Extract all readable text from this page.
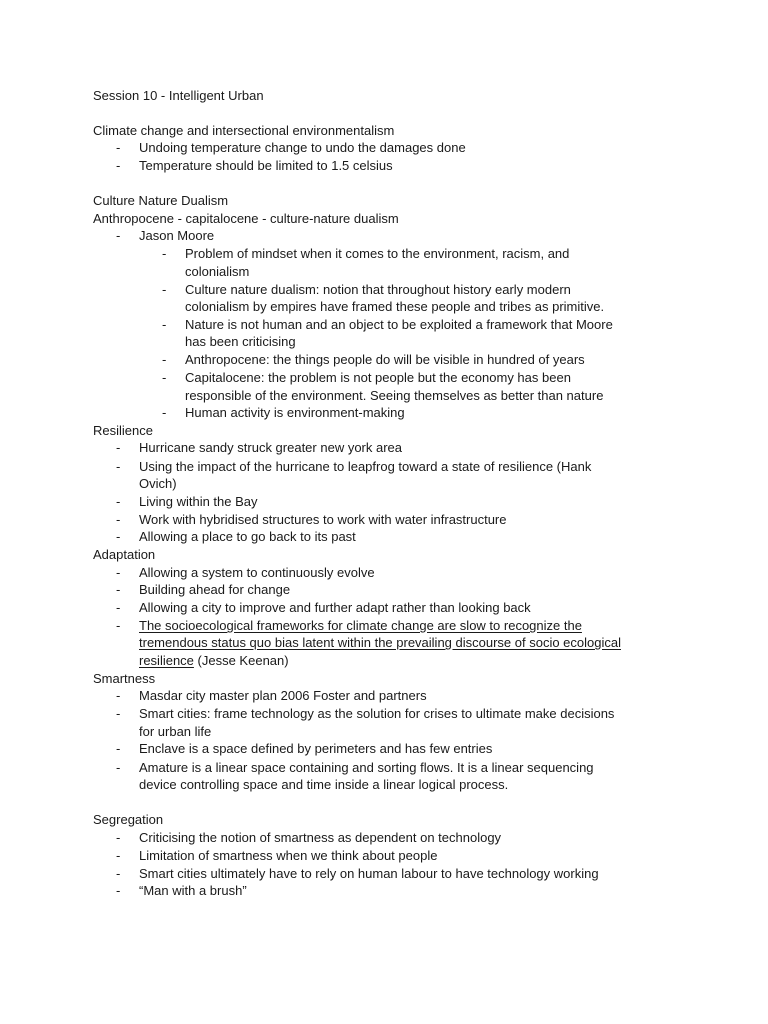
Session 10 - Intelligent Urban
Climate change and intersectional environmentalism
- Undoing temperature change to undo the damages done
- Temperature should be limited to 1.5 celsius
Culture Nature Dualism
Anthropocene - capitalocene - culture-nature dualism
- Jason Moore
- Problem of mindset when it comes to the environment, racism, and
colonialism
- Culture nature dualism: notion that throughout history early modern
colonialism by empires have framed these people and tribes as primitive.
- Nature is not human and an object to be exploited a framework that Moore
has been criticising
- Anthropocene: the things people do will be visible in hundred of years
- Capitalocene: the problem is not people but the economy has been
responsible of the environment. Seeing themselves as better than nature
- Human activity is environment-making
Resilience
- Hurricane sandy struck greater new york area
- Using the impact of the hurricane to leapfrog toward a state of resilience (Hank
Ovich)
- Living within the Bay
- Work with hybridised structures to work with water infrastructure
- Allowing a place to go back to its past
Adaptation
- Allowing a system to continuously evolve
- Building ahead for change
- Allowing a city to improve and further adapt rather than looking back
- The socioecological frameworks for climate change are slow to recognize the
tremendous status quo bias latent within the prevailing discourse of socio ecological
resilience (Jesse Keenan)
Smartness
- Masdar city master plan 2006 Foster and partners
- Smart cities: frame technology as the solution for crises to ultimate make decisions
for urban life
- Enclave is a space defined by perimeters and has few entries
- Amature is a linear space containing and sorting flows. It is a linear sequencing
device controlling space and time inside a linear logical process.
Segregation
- Criticising the notion of smartness as dependent on technology
- Limitation of smartness when we think about people
- Smart cities ultimately have to rely on human labour to have technology working
- “Man with a brush”
